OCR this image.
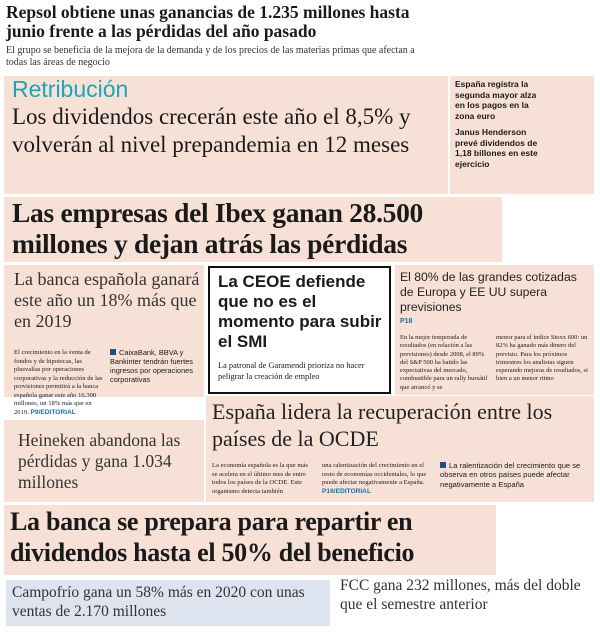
Repsol obtiene unas ganancias de 1.235 millones hasta junio frente a las pérdidas del año pasado
El grupo se beneficia de la mejora de la demanda y de los precios de las materias primas que afectan a todas las áreas de negocio
Retribución
Los dividendos crecerán este año el 8,5% y volverán al nivel prepandemia en 12 meses
España registra la segunda mayor alza en los pagos en la zona euro
Janus Henderson prevé dividendos de 1,18 billones en este ejercicio
Las empresas del Ibex ganan 28.500 millones y dejan atrás las pérdidas
La banca española ganará este año un 18% más que en 2019
El crecimiento en la venta de fondos y de hipotecas, las plusvalías por operaciones corporativas y la reducción de las provisiones permitirá a la banca española ganar este año 16.300 millones, un 18% más que en 2019. P9/EDITORIAL
CaixaBank, BBVA y Bankinter tendrán fuertes ingresos por operaciones corporativas
La CEOE defiende que no es el momento para subir el SMI
La patronal de Garamendi prioriza no hacer peligrar la creación de empleo
El 80% de las grandes cotizadas de Europa y EE UU supera previsiones
P18
En la mejor temporada de resultados (en relación a las previsiones) desde 2008, el 89% del S&P 500 ha batido las expectativas del mercado, combustible para un rally bursátil que arrancó y se
menor para el índice Stoxx 600: un 82% ha ganado más dinero del previsto. Para los próximos trimestres los analistas siguen esperando mejoras de resultados, si bien a un menor ritmo
España lidera la recuperación entre los países de la OCDE
La economía española es la que más se acelera en el último mes de entre todos los países de la OCDE. Este organismo detecta también
una ralentización del crecimiento en el resto de economías occidentales, lo que puede afectar negativamente a España. P16/EDITORIAL
La ralentización del crecimiento que se observa en otros países puede afectar negativamente a España
Heineken abandona las pérdidas y gana 1.034 millones
La banca se prepara para repartir en dividendos hasta el 50% del beneficio
Campofrío gana un 58% más en 2020 con unas ventas de 2.170 millones
FCC gana 232 millones, más del doble que el semestre anterior
